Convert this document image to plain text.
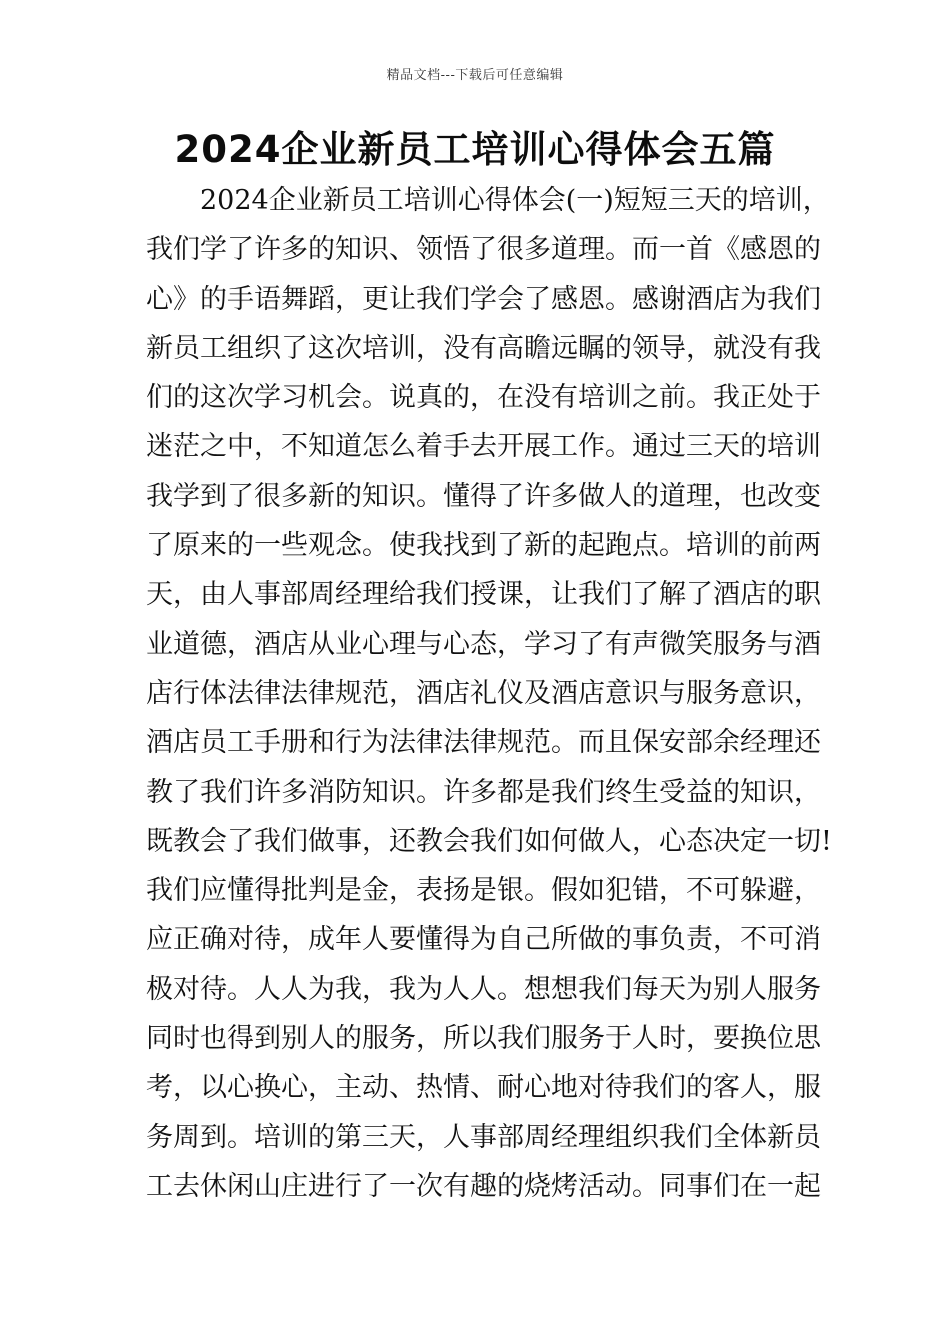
精品文档---下载后可任意编辑
2024企业新员工培训心得体会五篇
2024企业新员工培训心得体会(一)短短三天的培训，
我们学了许多的知识、领悟了很多道理。而一首《感恩的
心》的手语舞蹈，更让我们学会了感恩。感谢酒店为我们
新员工组织了这次培训，没有高瞻远瞩的领导，就没有我
们的这次学习机会。说真的，在没有培训之前。我正处于
迷茫之中，不知道怎么着手去开展工作。通过三天的培训
我学到了很多新的知识。懂得了许多做人的道理，也改变
了原来的一些观念。使我找到了新的起跑点。培训的前两
天，由人事部周经理给我们授课，让我们了解了酒店的职
业道德，酒店从业心理与心态，学习了有声微笑服务与酒
店行体法律法律规范，酒店礼仪及酒店意识与服务意识，
酒店员工手册和行为法律法律规范。而且保安部余经理还
教了我们许多消防知识。许多都是我们终生受益的知识，
既教会了我们做事，还教会我们如何做人，心态决定一切!
我们应懂得批判是金，表扬是银。假如犯错，不可躲避，
应正确对待，成年人要懂得为自己所做的事负责，不可消
极对待。人人为我，我为人人。想想我们每天为别人服务
同时也得到别人的服务，所以我们服务于人时，要换位思
考，以心换心，主动、热情、耐心地对待我们的客人，服
务周到。培训的第三天，人事部周经理组织我们全体新员
工去休闲山庄进行了一次有趣的烧烤活动。同事们在一起
